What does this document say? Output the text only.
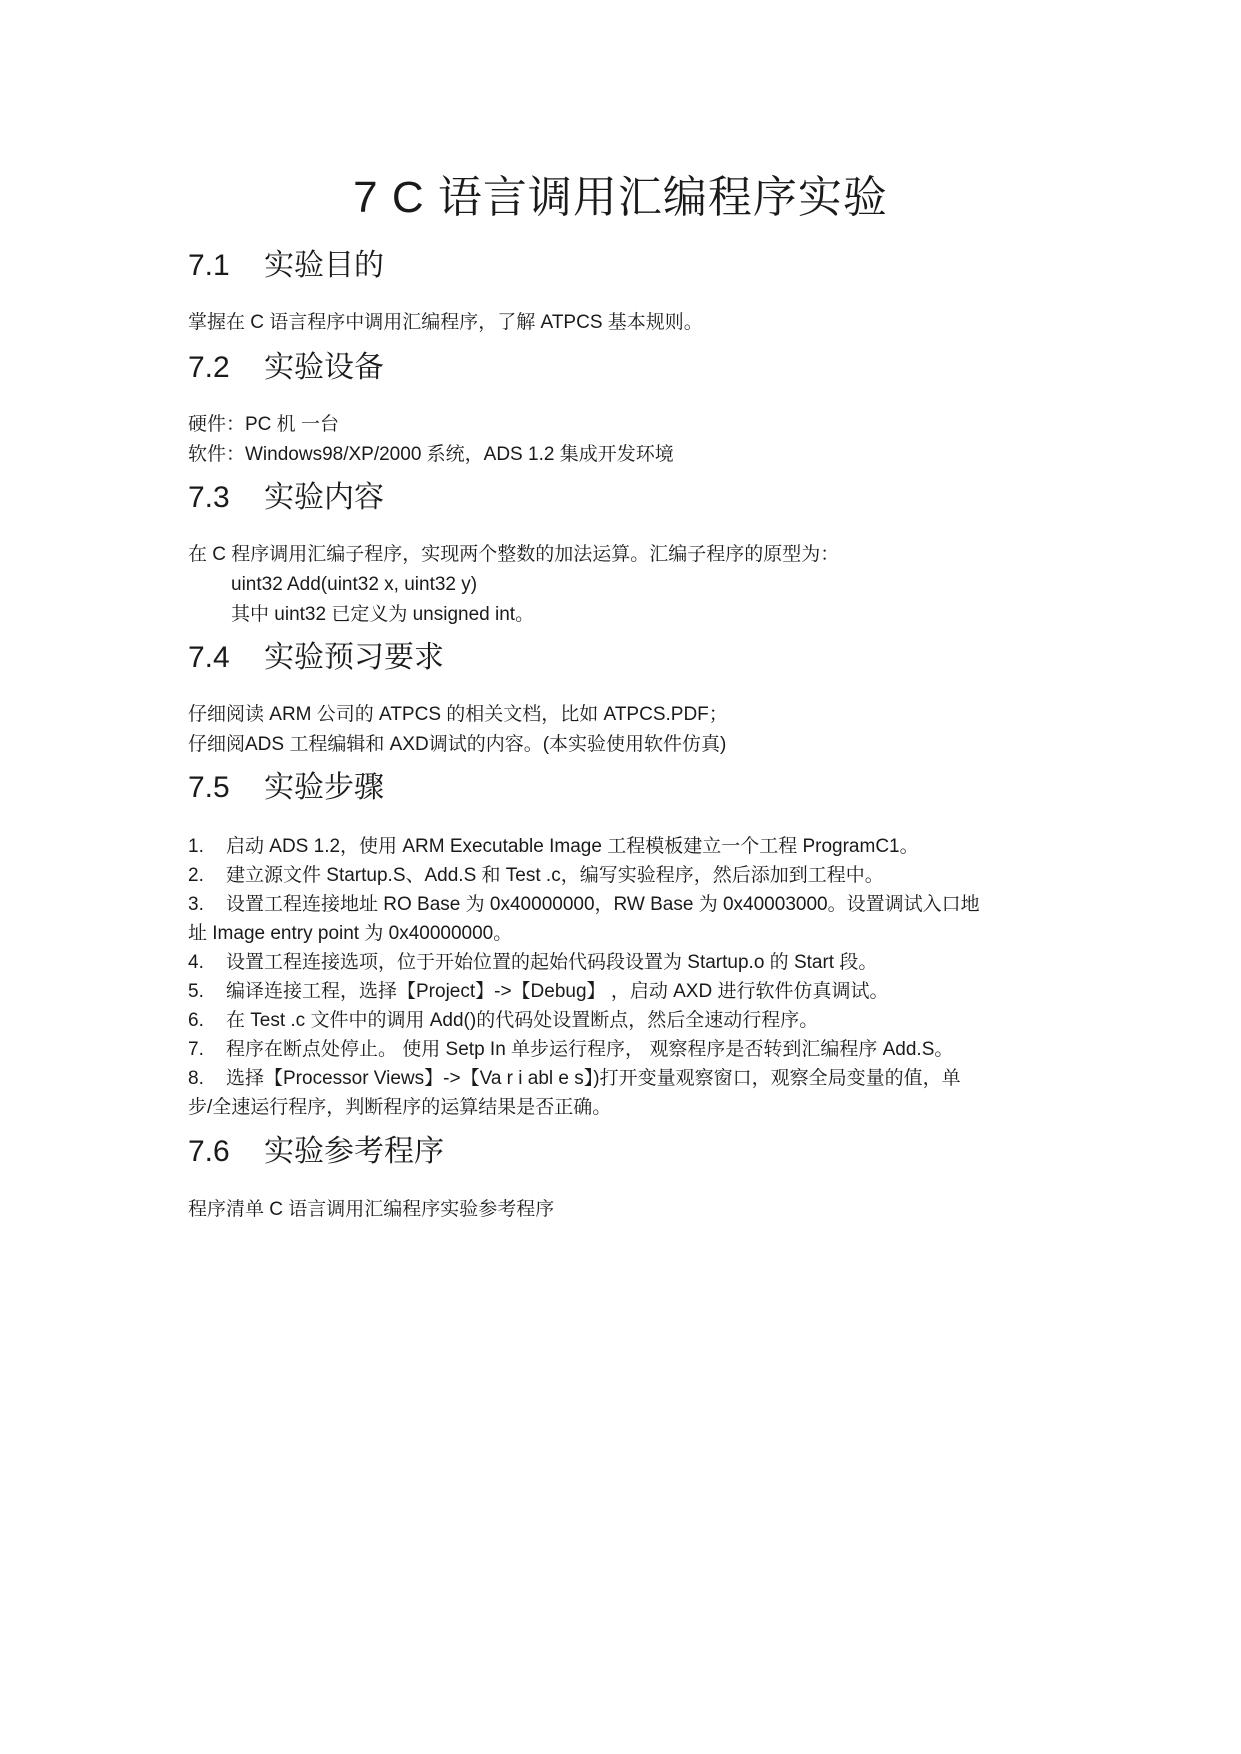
7 C 语言调用汇编程序实验
7.1 实验目的
掌握在 C 语言程序中调用汇编程序，了解 ATPCS 基本规则。
7.2 实验设备
硬件：PC 机 一台
软件：Windows98/XP/2000 系统，ADS 1.2 集成开发环境
7.3 实验内容
在 C 程序调用汇编子程序，实现两个整数的加法运算。汇编子程序的原型为：
uint32 Add(uint32 x, uint32 y)
其中 uint32 已定义为 unsigned int。
7.4 实验预习要求
仔细阅读 ARM 公司的 ATPCS 的相关文档，比如 ATPCS.PDF；
仔细阅ADS 工程编辑和 AXD调试的内容。(本实验使用软件仿真)
7.5 实验步骤
1. 启动 ADS 1.2，使用 ARM Executable Image 工程模板建立一个工程 ProgramC1。
2. 建立源文件 Startup.S、Add.S 和 Test .c，编写实验程序，然后添加到工程中。
3. 设置工程连接地址 RO Base 为 0x40000000，RW Base 为 0x40003000。设置调试入口地
址 Image entry point 为 0x40000000。
4. 设置工程连接选项，位于开始位置的起始代码段设置为 Startup.o 的 Start 段。
5. 编译连接工程，选择【Project】->【Debug】 ，启动 AXD 进行软件仿真调试。
6. 在 Test .c 文件中的调用 Add()的代码处设置断点，然后全速动行程序。
7. 程序在断点处停止。 使用 Setp In 单步运行程序， 观察程序是否转到汇编程序 Add.S。
8. 选择【Processor Views】->【Va r i abl e s】)打开变量观察窗口，观察全局变量的值，单
步/全速运行程序，判断程序的运算结果是否正确。
7.6 实验参考程序
程序清单 C 语言调用汇编程序实验参考程序
